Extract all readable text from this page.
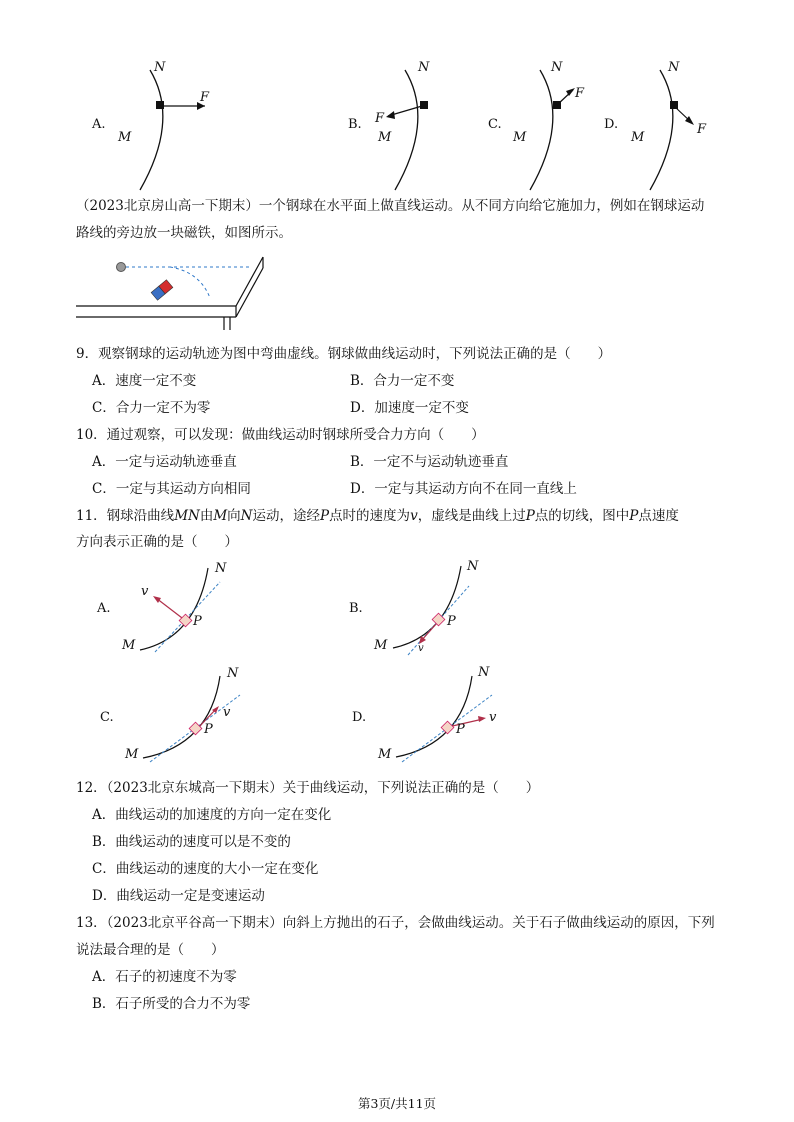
A.
N
M
F
B.
N
M
F	C.
N
M
F
D.
N
M
F
（2023北京房山高一下期末）一个钢球在水平面上做直线运动。从不同方向给它施加力，例如在钢球运动
路线的旁边放一块磁铁，如图所示。
9．观察钢球的运动轨迹为图中弯曲虚线。钢球做曲线运动时，下列说法正确的是（　　）
A．速度一定不变	B．合力一定不变
C．合力一定不为零	D．加速度一定不变
10．通过观察，可以发现：做曲线运动时钢球所受合力方向（　　）
A．一定与运动轨迹垂直	B．一定不与运动轨迹垂直
C．一定与其运动方向相同	D．一定与其运动方向不在同一直线上
11．钢球沿曲线MN由M向N运动，途经P点时的速度为v，虚线是曲线上过P点的切线，图中P点速度
方向表示正确的是（　　）
A.
N
M
P
v
B.
N
M
P
v
C.
N
M
P
v	D.
N
M
P
v
12．（2023北京东城高一下期末）关于曲线运动，下列说法正确的是（　　）
A．曲线运动的加速度的方向一定在变化
B．曲线运动的速度可以是不变的
C．曲线运动的速度的大小一定在变化
D．曲线运动一定是变速运动
13．（2023北京平谷高一下期末）向斜上方抛出的石子，会做曲线运动。关于石子做曲线运动的原因，下列
说法最合理的是（　　）
A．石子的初速度不为零
B．石子所受的合力不为零
第3页/共11页
